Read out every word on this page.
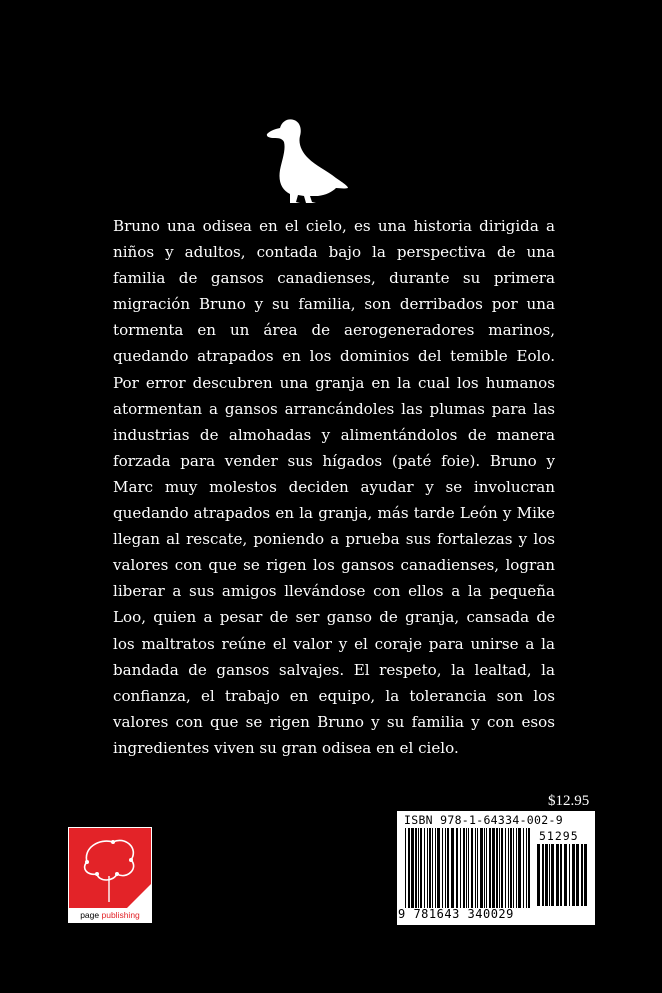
Bruno una odisea en el cielo, es una historia dirigida a niños y adultos, contada bajo la perspectiva de una familia de gansos canadienses, durante su primera migración Bruno y su familia, son derribados por una tormenta en un área de aerogeneradores marinos, quedando atrapados en los dominios del temible Eolo. Por error descubren una granja en la cual los humanos atormentan a gansos arrancándoles las plumas para las industrias de almohadas y alimentándolos de manera forzada para vender sus hígados (paté foie). Bruno y Marc muy molestos deciden ayudar y se involucran quedando atrapados en la granja, más tarde León y Mike llegan al rescate, poniendo a prueba sus fortalezas y los valores con que se rigen los gansos canadienses, logran liberar a sus amigos llevándose con ellos a la pequeña Loo, quien a pesar de ser ganso de granja, cansada de los maltratos reúne el valor y el coraje para unirse a la bandada de gansos salvajes. El respeto, la lealtad, la confianza, el trabajo en equipo, la tolerancia son los valores con que se rigen Bruno y su familia y con esos ingredientes viven su gran odisea en el cielo.

$12.95
ISBN 978-1-64334-002-9
51295
9 781643 340029
page publishing
